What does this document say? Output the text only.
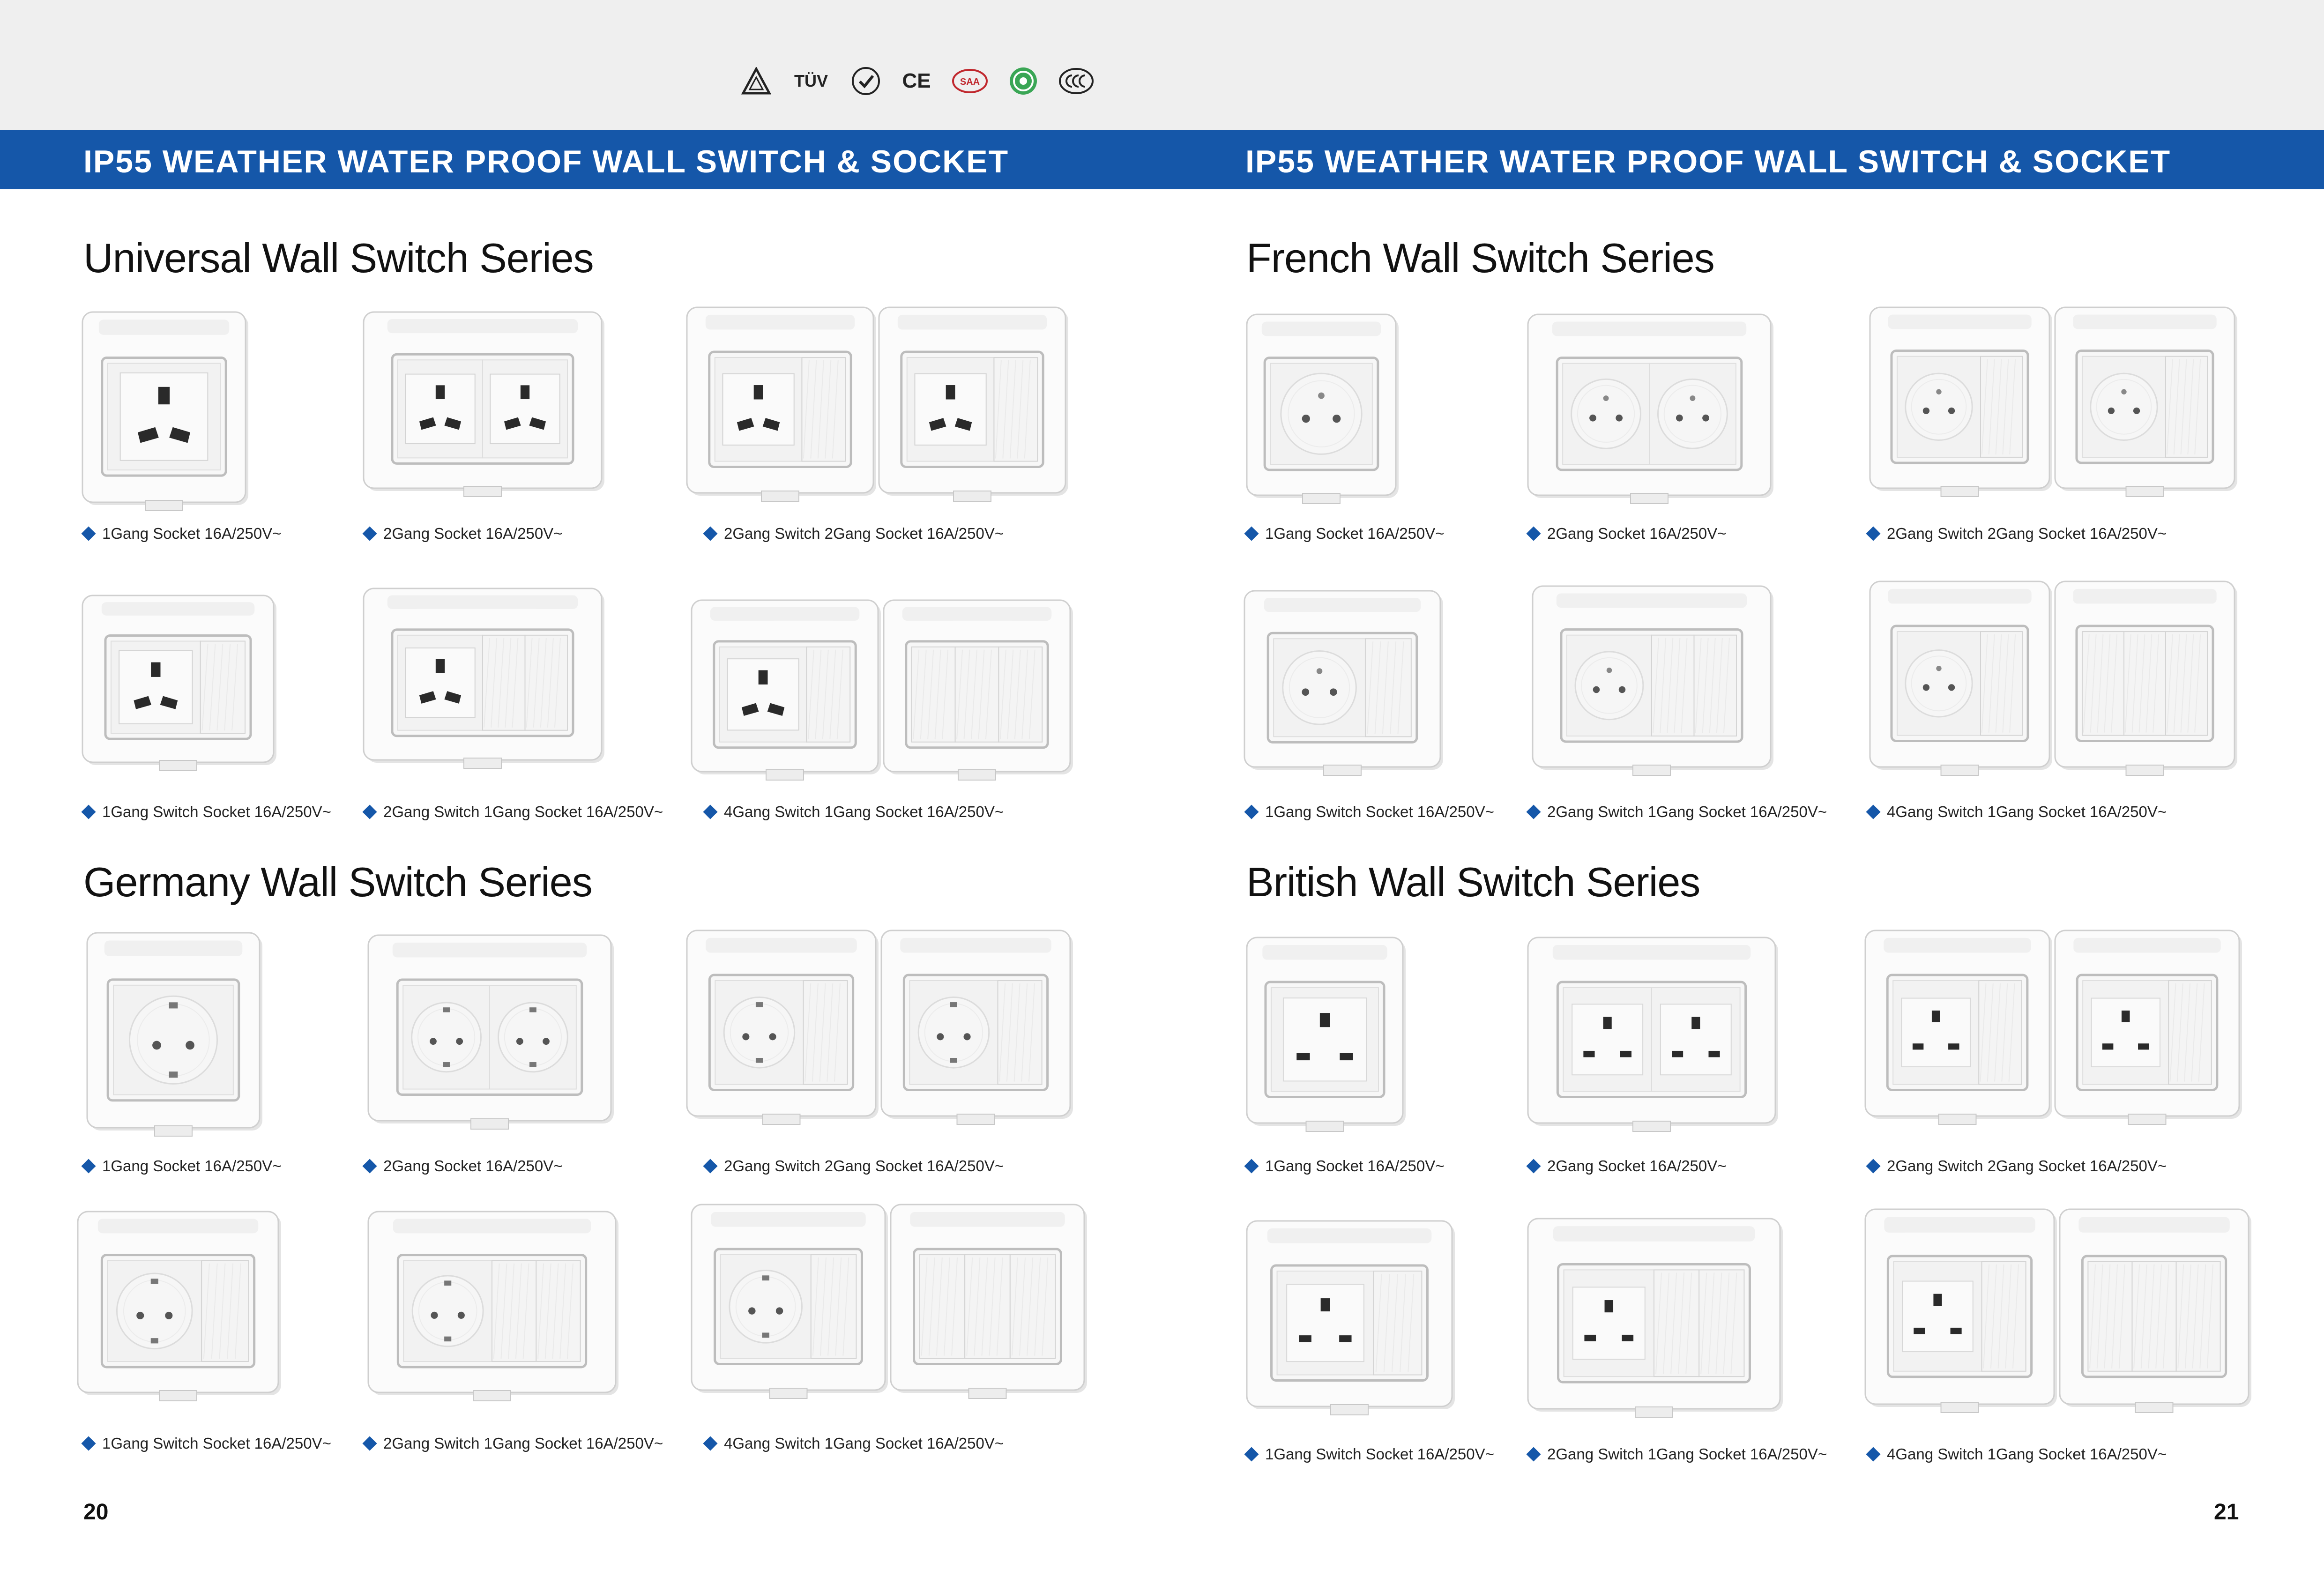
TÜV	CE	SAA
IP55 WEATHER WATER PROOF WALL SWITCH & SOCKET	IP55 WEATHER WATER PROOF WALL SWITCH & SOCKET
Universal Wall Switch Series
Germany Wall Switch Series
French Wall Switch Series
British Wall Switch Series
1Gang Socket 16A/250V~	2Gang Socket 16A/250V~	2Gang Switch 2Gang Socket 16A/250V~
1Gang Switch Socket 16A/250V~	2Gang Switch 1Gang Socket 16A/250V~	4Gang Switch 1Gang Socket 16A/250V~
1Gang Socket 16A/250V~	2Gang Socket 16A/250V~	2Gang Switch 2Gang Socket 16A/250V~
1Gang Switch Socket 16A/250V~	2Gang Switch 1Gang Socket 16A/250V~	4Gang Switch 1Gang Socket 16A/250V~
1Gang Socket 16A/250V~	2Gang Socket 16A/250V~	2Gang Switch 2Gang Socket 16A/250V~
1Gang Switch Socket 16A/250V~	2Gang Switch 1Gang Socket 16A/250V~	4Gang Switch 1Gang Socket 16A/250V~
1Gang Socket 16A/250V~	2Gang Socket 16A/250V~	2Gang Switch 2Gang Socket 16A/250V~
1Gang Switch Socket 16A/250V~	2Gang Switch 1Gang Socket 16A/250V~	4Gang Switch 1Gang Socket 16A/250V~
20	21
